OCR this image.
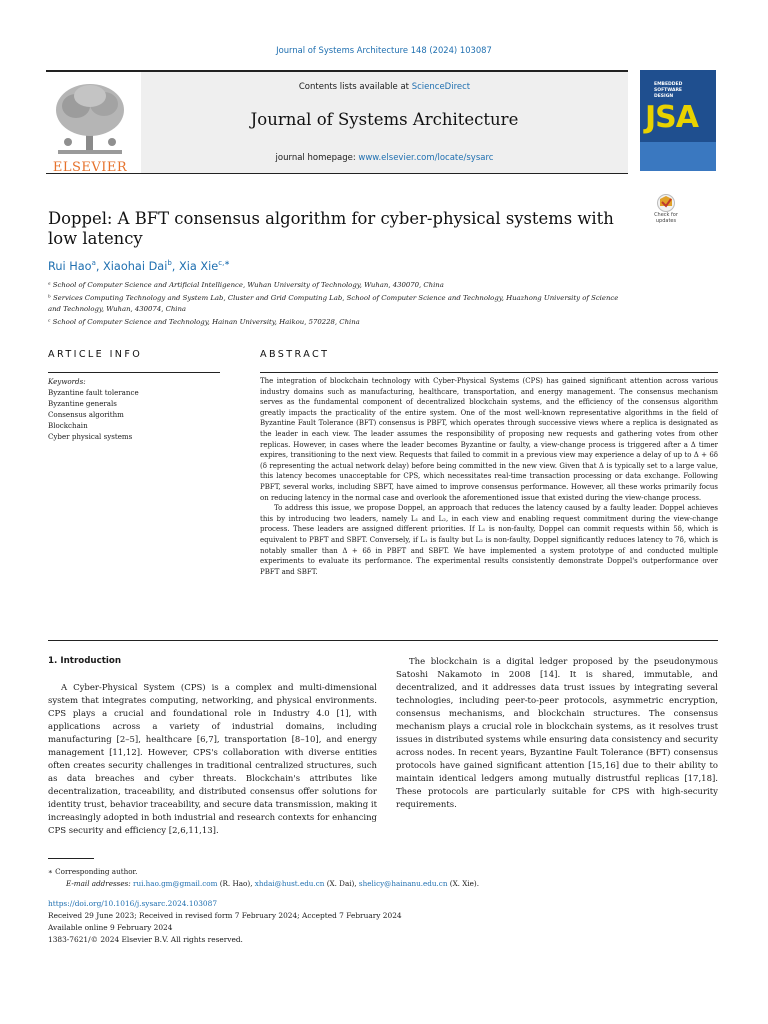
Journal of Systems Architecture 148 (2024) 103087
ELSEVIER
Contents lists available at ScienceDirect
Journal of Systems Architecture
journal homepage: www.elsevier.com/locate/sysarc
EMBEDDED
SOFTWARE
DESIGN
JSA
Doppel: A BFT consensus algorithm for cyber-physical systems with low latency
Check for updates
Rui Hao$^a$, Xiaohai Dai$^b$, Xia Xie$^{c,∗}$
ᵃ School of Computer Science and Artificial Intelligence, Wuhan University of Technology, Wuhan, 430070, China
ᵇ Services Computing Technology and System Lab, Cluster and Grid Computing Lab, School of Computer Science and Technology, Huazhong University of Science
and Technology, Wuhan, 430074, China
ᶜ School of Computer Science and Technology, Hainan University, Haikou, 570228, China
ARTICLE INFO	ABSTRACT
Keywords:
Byzantine fault tolerance
Byzantine generals
Consensus algorithm
Blockchain
Cyber physical systems

The integration of blockchain technology with Cyber-Physical Systems (CPS) has gained significant attention across various industry domains such as manufacturing, healthcare, transportation, and energy management. The consensus mechanism serves as the fundamental component of decentralized blockchain systems, and the efficiency of the consensus algorithm greatly impacts the practicality of the entire system. One of the most well-known representative algorithms in the field of Byzantine Fault Tolerance (BFT) consensus is PBFT, which operates through successive views where a replica is designated as the leader in each view. The leader assumes the responsibility of proposing new requests and gathering votes from other replicas. However, in cases where the leader becomes Byzantine or faulty, a view-change process is triggered after a Δ timer expires, transitioning to the next view. Requests that failed to commit in a previous view may experience a delay of up to Δ + 6δ (δ representing the actual network delay) before being committed in the new view. Given that Δ is typically set to a large value, this latency becomes unacceptable for CPS, which necessitates real-time transaction processing or data exchange. Following PBFT, several works, including SBFT, have aimed to improve consensus performance. However, all these works primarily focus on reducing latency in the normal case and overlook the aforementioned issue that existed during the view-change process.

To address this issue, we propose Doppel, an approach that reduces the latency caused by a faulty leader. Doppel achieves this by introducing two leaders, namely L₁ and L₂, in each view and enabling request commitment during the view-change process. These leaders are assigned different priorities. If L₁ is non-faulty, Doppel can commit requests within 5δ, which is equivalent to PBFT and SBFT. Conversely, if L₁ is faulty but L₂ is non-faulty, Doppel significantly reduces latency to 7δ, which is notably smaller than Δ + 6δ in PBFT and SBFT. We have implemented a system prototype of and conducted multiple experiments to evaluate its performance. The experimental results consistently demonstrate Doppel's outperformance over PBFT and SBFT.

1. Introduction

A Cyber-Physical System (CPS) is a complex and multi-dimensional system that integrates computing, networking, and physical environments. CPS plays a crucial and foundational role in Industry 4.0 [1], with applications across a variety of industrial domains, including manufacturing [2–5], healthcare [6,7], transportation [8–10], and energy management [11,12]. However, CPS's collaboration with diverse entities often creates security challenges in traditional centralized structures, such as data breaches and cyber threats. Blockchain's attributes like decentralization, traceability, and distributed consensus offer solutions for identity trust, behavior traceability, and secure data transmission, making it increasingly adopted in both industrial and research contexts for enhancing CPS security and efficiency [2,6,11,13].

The blockchain is a digital ledger proposed by the pseudonymous Satoshi Nakamoto in 2008 [14]. It is shared, immutable, and decentralized, and it addresses data trust issues by integrating several technologies, including peer-to-peer protocols, asymmetric encryption, consensus mechanisms, and blockchain structures. The consensus mechanism plays a crucial role in blockchain systems, as it resolves trust issues in distributed systems while ensuring data consistency and security across nodes. In recent years, Byzantine Fault Tolerance (BFT) consensus protocols have gained significant attention [15,16] due to their ability to maintain identical ledgers among mutually distrustful replicas [17,18]. These protocols are particularly suitable for CPS with high-security requirements.

∗ Corresponding author.
E-mail addresses: rui.hao.gm@gmail.com (R. Hao), xhdai@hust.edu.cn (X. Dai), shelicy@hainanu.edu.cn (X. Xie).
https://doi.org/10.1016/j.sysarc.2024.103087
Received 29 June 2023; Received in revised form 7 February 2024; Accepted 7 February 2024
Available online 9 February 2024
1383-7621/© 2024 Elsevier B.V. All rights reserved.
